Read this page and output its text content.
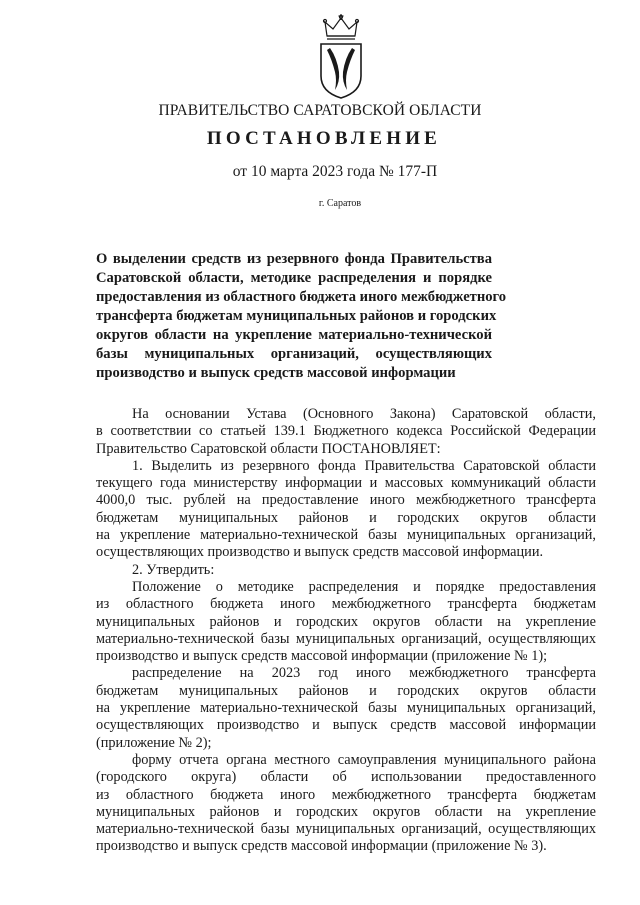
ПРАВИТЕЛЬСТВО САРАТОВСКОЙ ОБЛАСТИ
ПОСТАНОВЛЕНИЕ
от 10 марта 2023 года № 177-П
г. Саратов
О выделении средств из резервного фонда Правительства
Саратовской области, методике распределения и порядке
предоставления из областного бюджета иного межбюджетного
трансферта бюджетам муниципальных районов и городских
округов области на укрепление материально-технической
базы муниципальных организаций, осуществляющих
производство и выпуск средств массовой информации
На основании Устава (Основного Закона) Саратовской области,
в соответствии со статьей 139.1 Бюджетного кодекса Российской Федерации
Правительство Саратовской области ПОСТАНОВЛЯЕТ:
1. Выделить из резервного фонда Правительства Саратовской области
текущего года министерству информации и массовых коммуникаций области
4000,0 тыс. рублей на предоставление иного межбюджетного трансферта
бюджетам муниципальных районов и городских округов области
на укрепление материально-технической базы муниципальных организаций,
осуществляющих производство и выпуск средств массовой информации.
2. Утвердить:
Положение о методике распределения и порядке предоставления
из областного бюджета иного межбюджетного трансферта бюджетам
муниципальных районов и городских округов области на укрепление
материально-технической базы муниципальных организаций, осуществляющих
производство и выпуск средств массовой информации (приложение № 1);
распределение на 2023 год иного межбюджетного трансферта
бюджетам муниципальных районов и городских округов области
на укрепление материально-технической базы муниципальных организаций,
осуществляющих производство и выпуск средств массовой информации
(приложение № 2);
форму отчета органа местного самоуправления муниципального района
(городского округа) области об использовании предоставленного
из областного бюджета иного межбюджетного трансферта бюджетам
муниципальных районов и городских округов области на укрепление
материально-технической базы муниципальных организаций, осуществляющих
производство и выпуск средств массовой информации (приложение № 3).
